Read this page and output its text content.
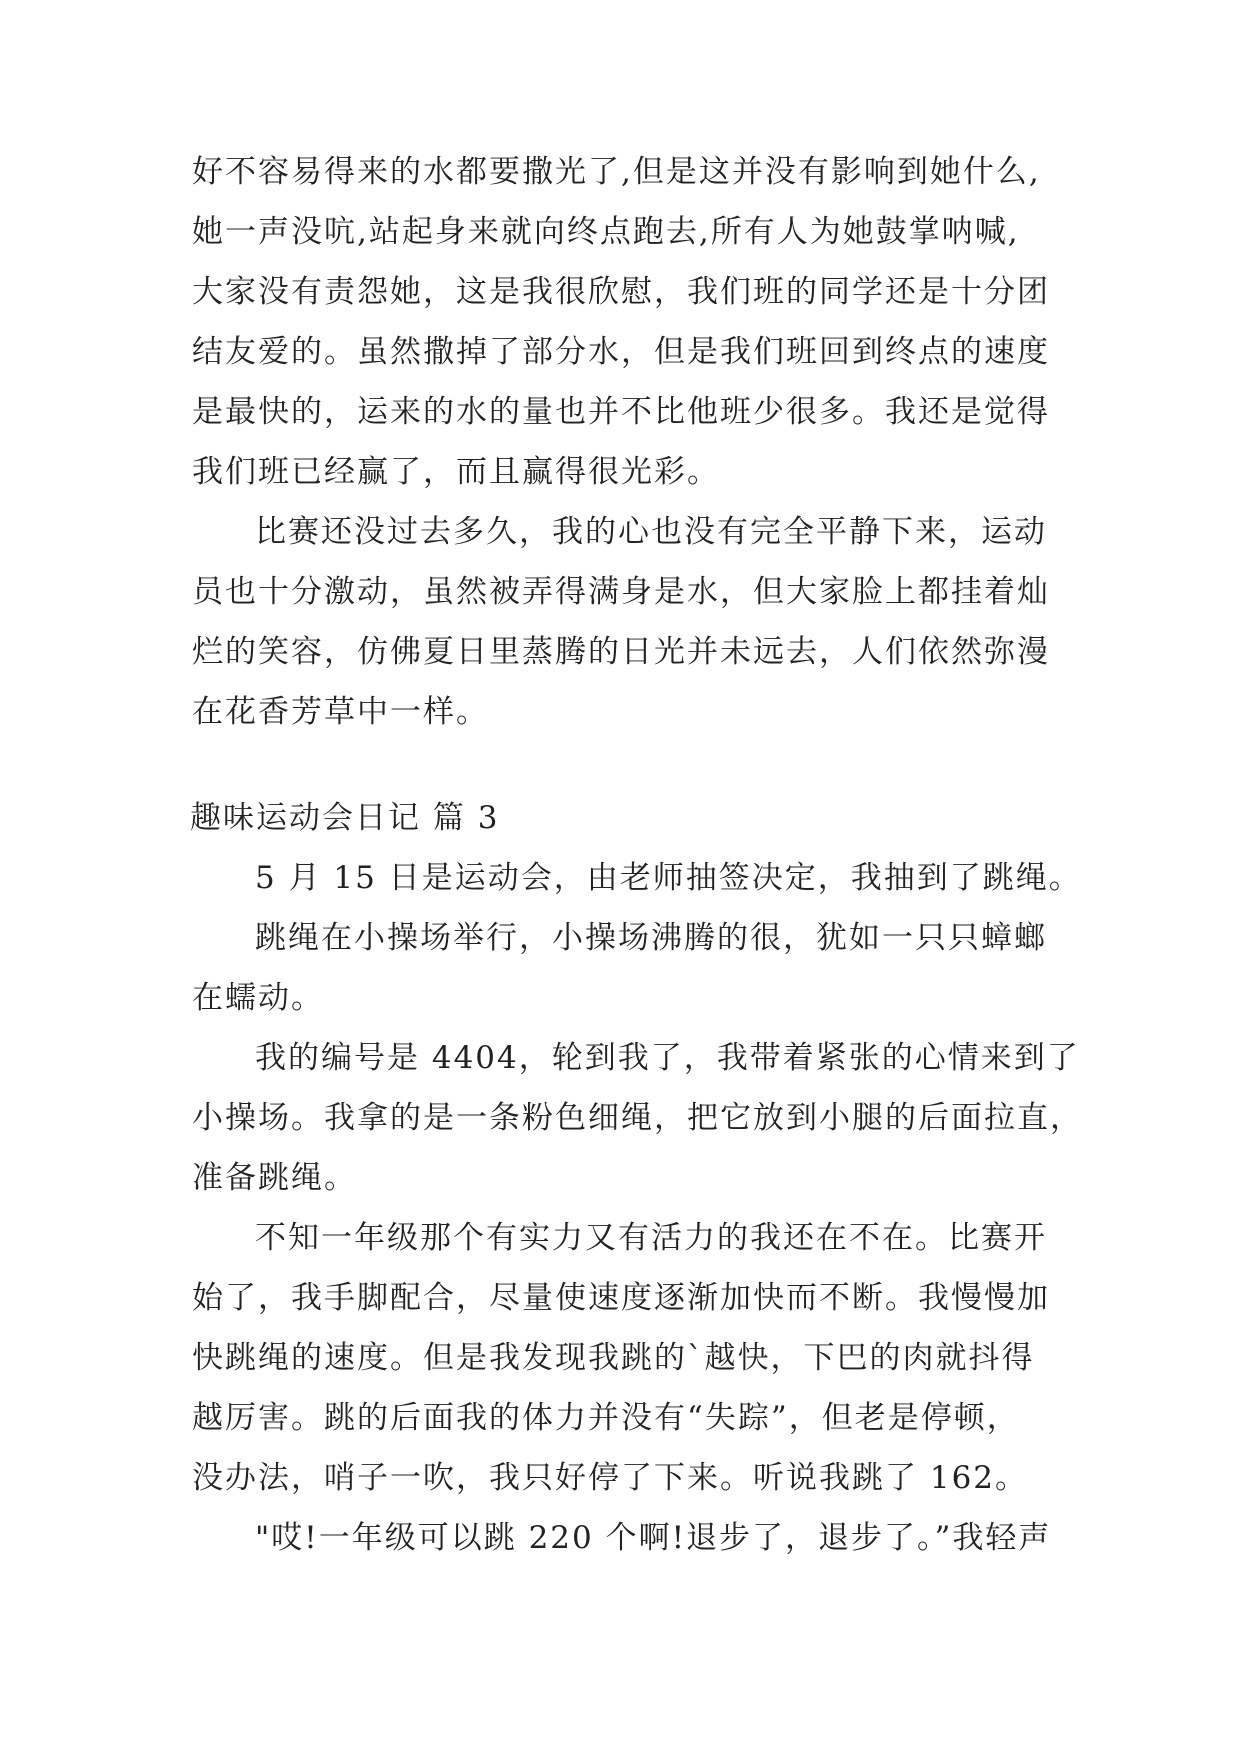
好不容易得来的水都要撒光了,但是这并没有影响到她什么,
她一声没吭,站起身来就向终点跑去,所有人为她鼓掌呐喊,
大家没有责怨她，这是我很欣慰，我们班的同学还是十分团
结友爱的。虽然撒掉了部分水，但是我们班回到终点的速度
是最快的，运来的水的量也并不比他班少很多。我还是觉得
我们班已经赢了，而且赢得很光彩。
比赛还没过去多久，我的心也没有完全平静下来，运动
员也十分激动，虽然被弄得满身是水，但大家脸上都挂着灿
烂的笑容，仿佛夏日里蒸腾的日光并未远去，人们依然弥漫
在花香芳草中一样。
趣味运动会日记 篇 3
5 月 15 日是运动会，由老师抽签决定，我抽到了跳绳。
跳绳在小操场举行，小操场沸腾的很，犹如一只只蟑螂
在蠕动。
我的编号是 4404，轮到我了，我带着紧张的心情来到了
小操场。我拿的是一条粉色细绳，把它放到小腿的后面拉直，
准备跳绳。
不知一年级那个有实力又有活力的我还在不在。比赛开
始了，我手脚配合，尽量使速度逐渐加快而不断。我慢慢加
快跳绳的速度。但是我发现我跳的`越快，下巴的肉就抖得
越厉害。跳的后面我的体力并没有“失踪”，但老是停顿，
没办法，哨子一吹，我只好停了下来。听说我跳了 162。
"哎!一年级可以跳 220 个啊!退步了，退步了。”我轻声
